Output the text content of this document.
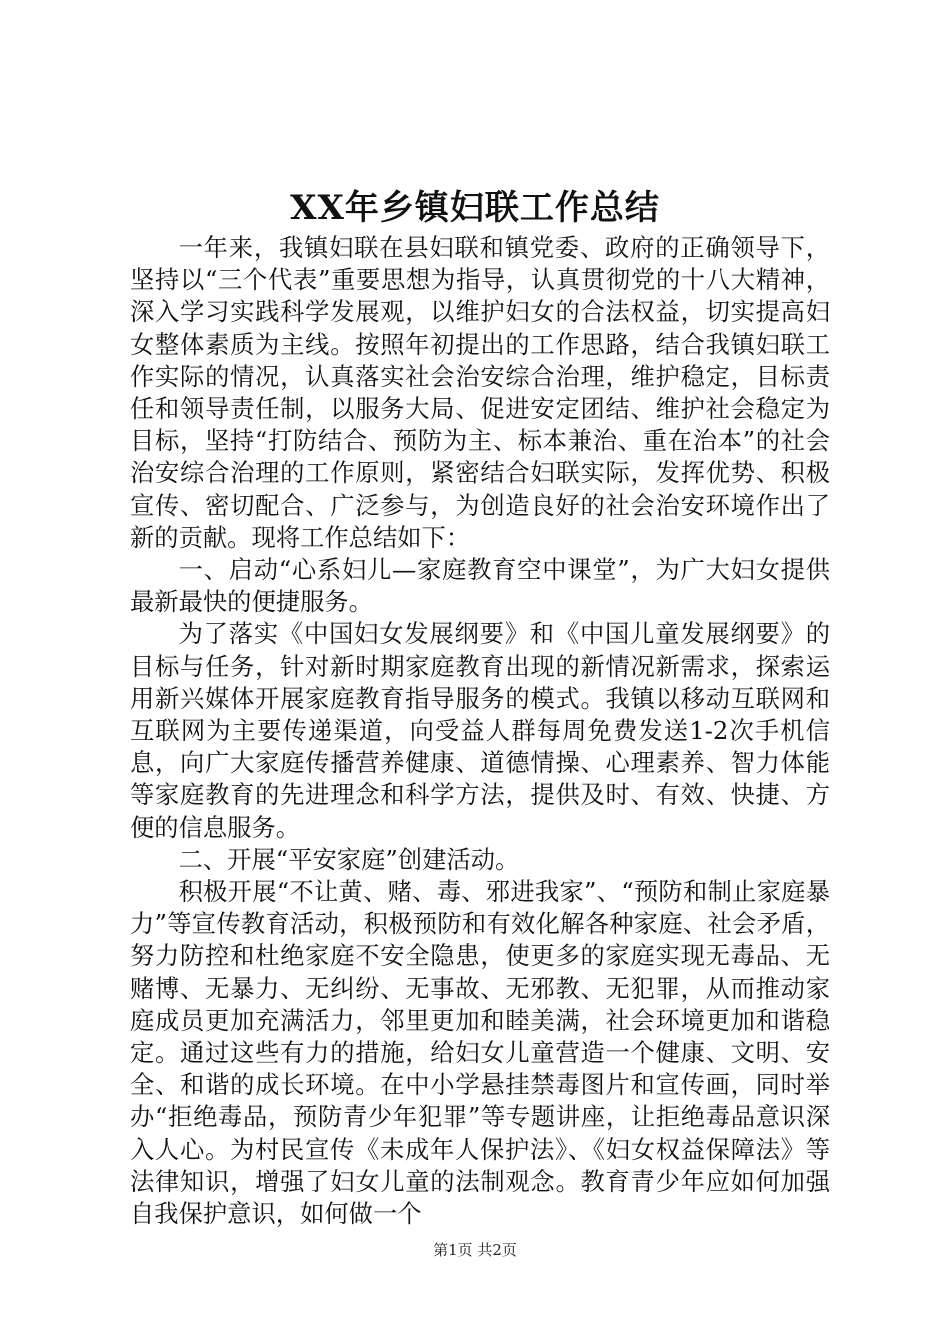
XX年乡镇妇联工作总结

一年来，我镇妇联在县妇联和镇党委、政府的正确领导下，坚持以“三个代表”重要思想为指导，认真贯彻党的十八大精神，深入学习实践科学发展观，以维护妇女的合法权益，切实提高妇女整体素质为主线。按照年初提出的工作思路，结合我镇妇联工作实际的情况，认真落实社会治安综合治理，维护稳定，目标责任和领导责任制，以服务大局、促进安定团结、维护社会稳定为目标，坚持“打防结合、预防为主、标本兼治、重在治本”的社会治安综合治理的工作原则，紧密结合妇联实际，发挥优势、积极宣传、密切配合、广泛参与，为创造良好的社会治安环境作出了新的贡献。现将工作总结如下：

一、启动“心系妇儿—家庭教育空中课堂”，为广大妇女提供最新最快的便捷服务。

为了落实《中国妇女发展纲要》和《中国儿童发展纲要》的目标与任务，针对新时期家庭教育出现的新情况新需求，探索运用新兴媒体开展家庭教育指导服务的模式。我镇以移动互联网和互联网为主要传递渠道，向受益人群每周免费发送1-2次手机信息，向广大家庭传播营养健康、道德情操、心理素养、智力体能等家庭教育的先进理念和科学方法，提供及时、有效、快捷、方便的信息服务。

二、开展“平安家庭”创建活动。

积极开展“不让黄、赌、毒、邪进我家”、“预防和制止家庭暴力”等宣传教育活动，积极预防和有效化解各种家庭、社会矛盾，努力防控和杜绝家庭不安全隐患，使更多的家庭实现无毒品、无赌博、无暴力、无纠纷、无事故、无邪教、无犯罪，从而推动家庭成员更加充满活力，邻里更加和睦美满，社会环境更加和谐稳定。通过这些有力的措施，给妇女儿童营造一个健康、文明、安全、和谐的成长环境。在中小学悬挂禁毒图片和宣传画，同时举办“拒绝毒品，预防青少年犯罪”等专题讲座，让拒绝毒品意识深入人心。为村民宣传《未成年人保护法》、《妇女权益保障法》等法律知识，增强了妇女儿童的法制观念。教育青少年应如何加强自我保护意识，如何做一个

第1页 共2页
